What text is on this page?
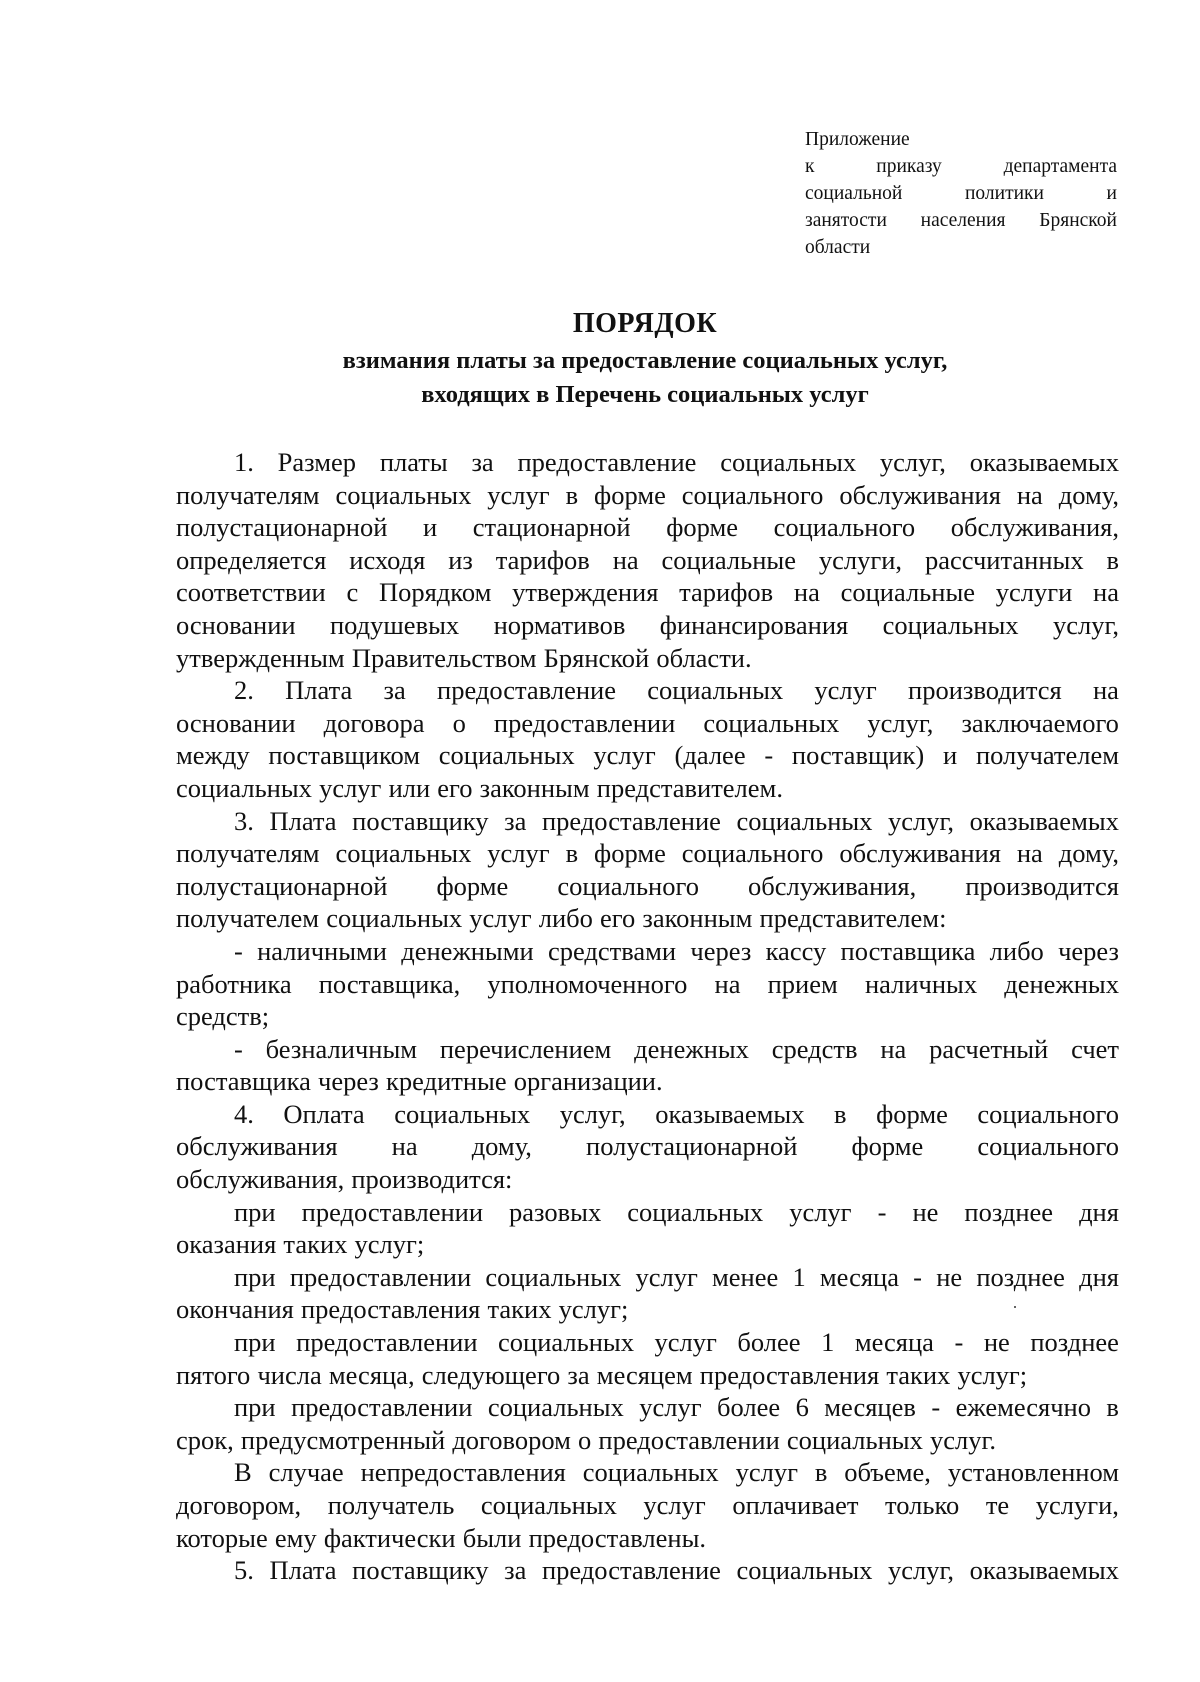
Приложение
к	приказу	департамента
социальной	политики	и
занятости населения Брянской
области
ПОРЯДОК
взимания платы за предоставление социальных услуг,
входящих в Перечень социальных услуг
1. Размер платы за предоставление социальных услуг, оказываемых
получателям социальных услуг в форме социального обслуживания на дому,
полустационарной и стационарной форме социального обслуживания,
определяется исходя из тарифов на социальные услуги, рассчитанных в
соответствии с Порядком утверждения тарифов на социальные услуги на
основании подушевых нормативов финансирования социальных услуг,
утвержденным Правительством Брянской области.
2. Плата за предоставление социальных услуг производится на
основании договора о предоставлении социальных услуг, заключаемого
между поставщиком социальных услуг (далее - поставщик) и получателем
социальных услуг или его законным представителем.
3. Плата поставщику за предоставление социальных услуг, оказываемых
получателям социальных услуг в форме социального обслуживания на дому,
полустационарной форме социального обслуживания, производится
получателем социальных услуг либо его законным представителем:
- наличными денежными средствами через кассу поставщика либо через
работника поставщика, уполномоченного на прием наличных денежных
средств;
- безналичным перечислением денежных средств на расчетный счет
поставщика через кредитные организации.
4. Оплата социальных услуг, оказываемых в форме социального
обслуживания на дому, полустационарной форме социального
обслуживания, производится:
при предоставлении разовых социальных услуг - не позднее дня
оказания таких услуг;
при предоставлении социальных услуг менее 1 месяца - не позднее дня
окончания предоставления таких услуг;
при предоставлении социальных услуг более 1 месяца - не позднее
пятого числа месяца, следующего за месяцем предоставления таких услуг;
при предоставлении социальных услуг более 6 месяцев - ежемесячно в
срок, предусмотренный договором о предоставлении социальных услуг.
В случае непредоставления социальных услуг в объеме, установленном
договором, получатель социальных услуг оплачивает только те услуги,
которые ему фактически были предоставлены.
5. Плата поставщику за предоставление социальных услуг, оказываемых
